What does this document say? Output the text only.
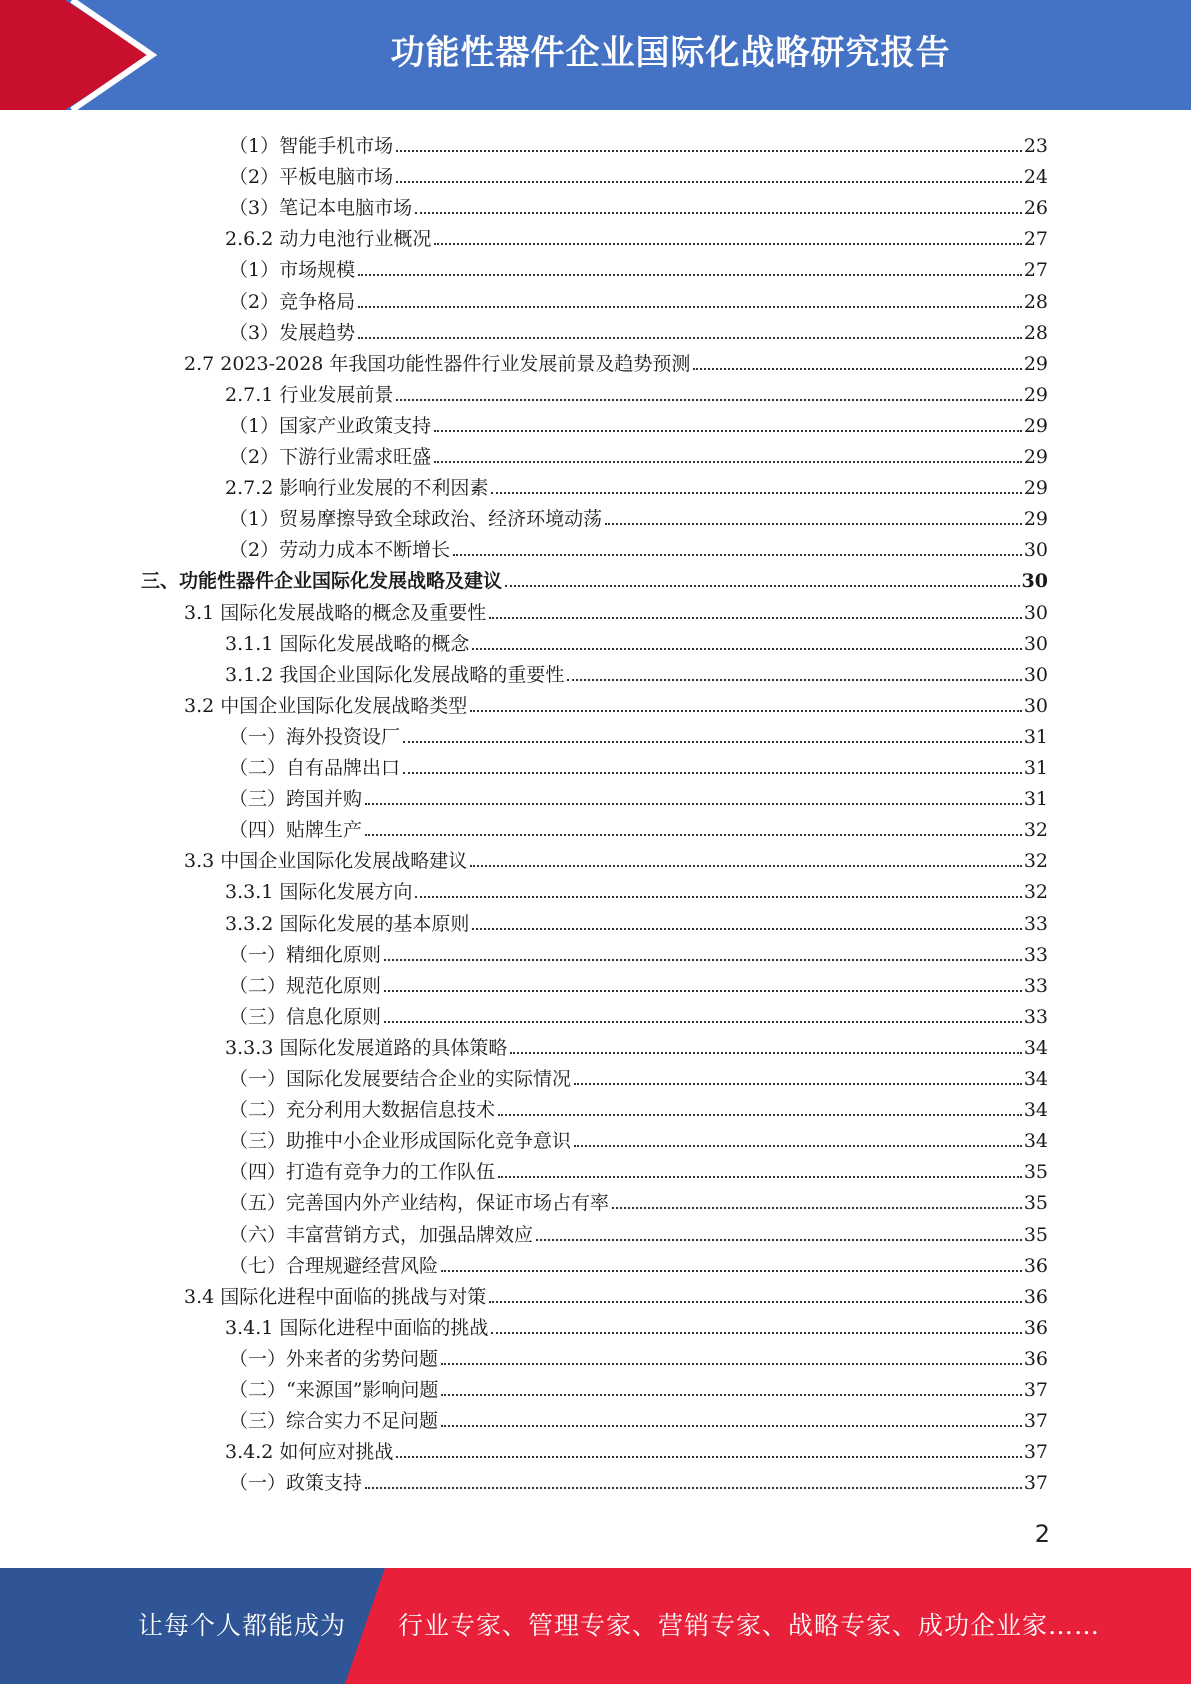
功能性器件企业国际化战略研究报告
（1）智能手机市场	23
（2）平板电脑市场	24
（3）笔记本电脑市场	26
2.6.2 动力电池行业概况	27
（1）市场规模	27
（2）竞争格局	28
（3）发展趋势	28
2.7 2023-2028 年我国功能性器件行业发展前景及趋势预测	29
2.7.1 行业发展前景	29
（1）国家产业政策支持	29
（2）下游行业需求旺盛	29
2.7.2 影响行业发展的不利因素	29
（1）贸易摩擦导致全球政治、经济环境动荡	29
（2）劳动力成本不断增长	30
三、功能性器件企业国际化发展战略及建议	30
3.1 国际化发展战略的概念及重要性	30
3.1.1 国际化发展战略的概念	30
3.1.2 我国企业国际化发展战略的重要性	30
3.2 中国企业国际化发展战略类型	30
（一）海外投资设厂	31
（二）自有品牌出口	31
（三）跨国并购	31
（四）贴牌生产	32
3.3 中国企业国际化发展战略建议	32
3.3.1 国际化发展方向	32
3.3.2 国际化发展的基本原则	33
（一）精细化原则	33
（二）规范化原则	33
（三）信息化原则	33
3.3.3 国际化发展道路的具体策略	34
（一）国际化发展要结合企业的实际情况	34
（二）充分利用大数据信息技术	34
（三）助推中小企业形成国际化竞争意识	34
（四）打造有竞争力的工作队伍	35
（五）完善国内外产业结构，保证市场占有率	35
（六）丰富营销方式，加强品牌效应	35
（七）合理规避经营风险	36
3.4 国际化进程中面临的挑战与对策	36
3.4.1 国际化进程中面临的挑战	36
（一）外来者的劣势问题	36
（二）“来源国”影响问题	37
（三）综合实力不足问题	37
3.4.2 如何应对挑战	37
（一）政策支持	37
2
让每个人都能成为 行业专家、管理专家、营销专家、战略专家、成功企业家……
